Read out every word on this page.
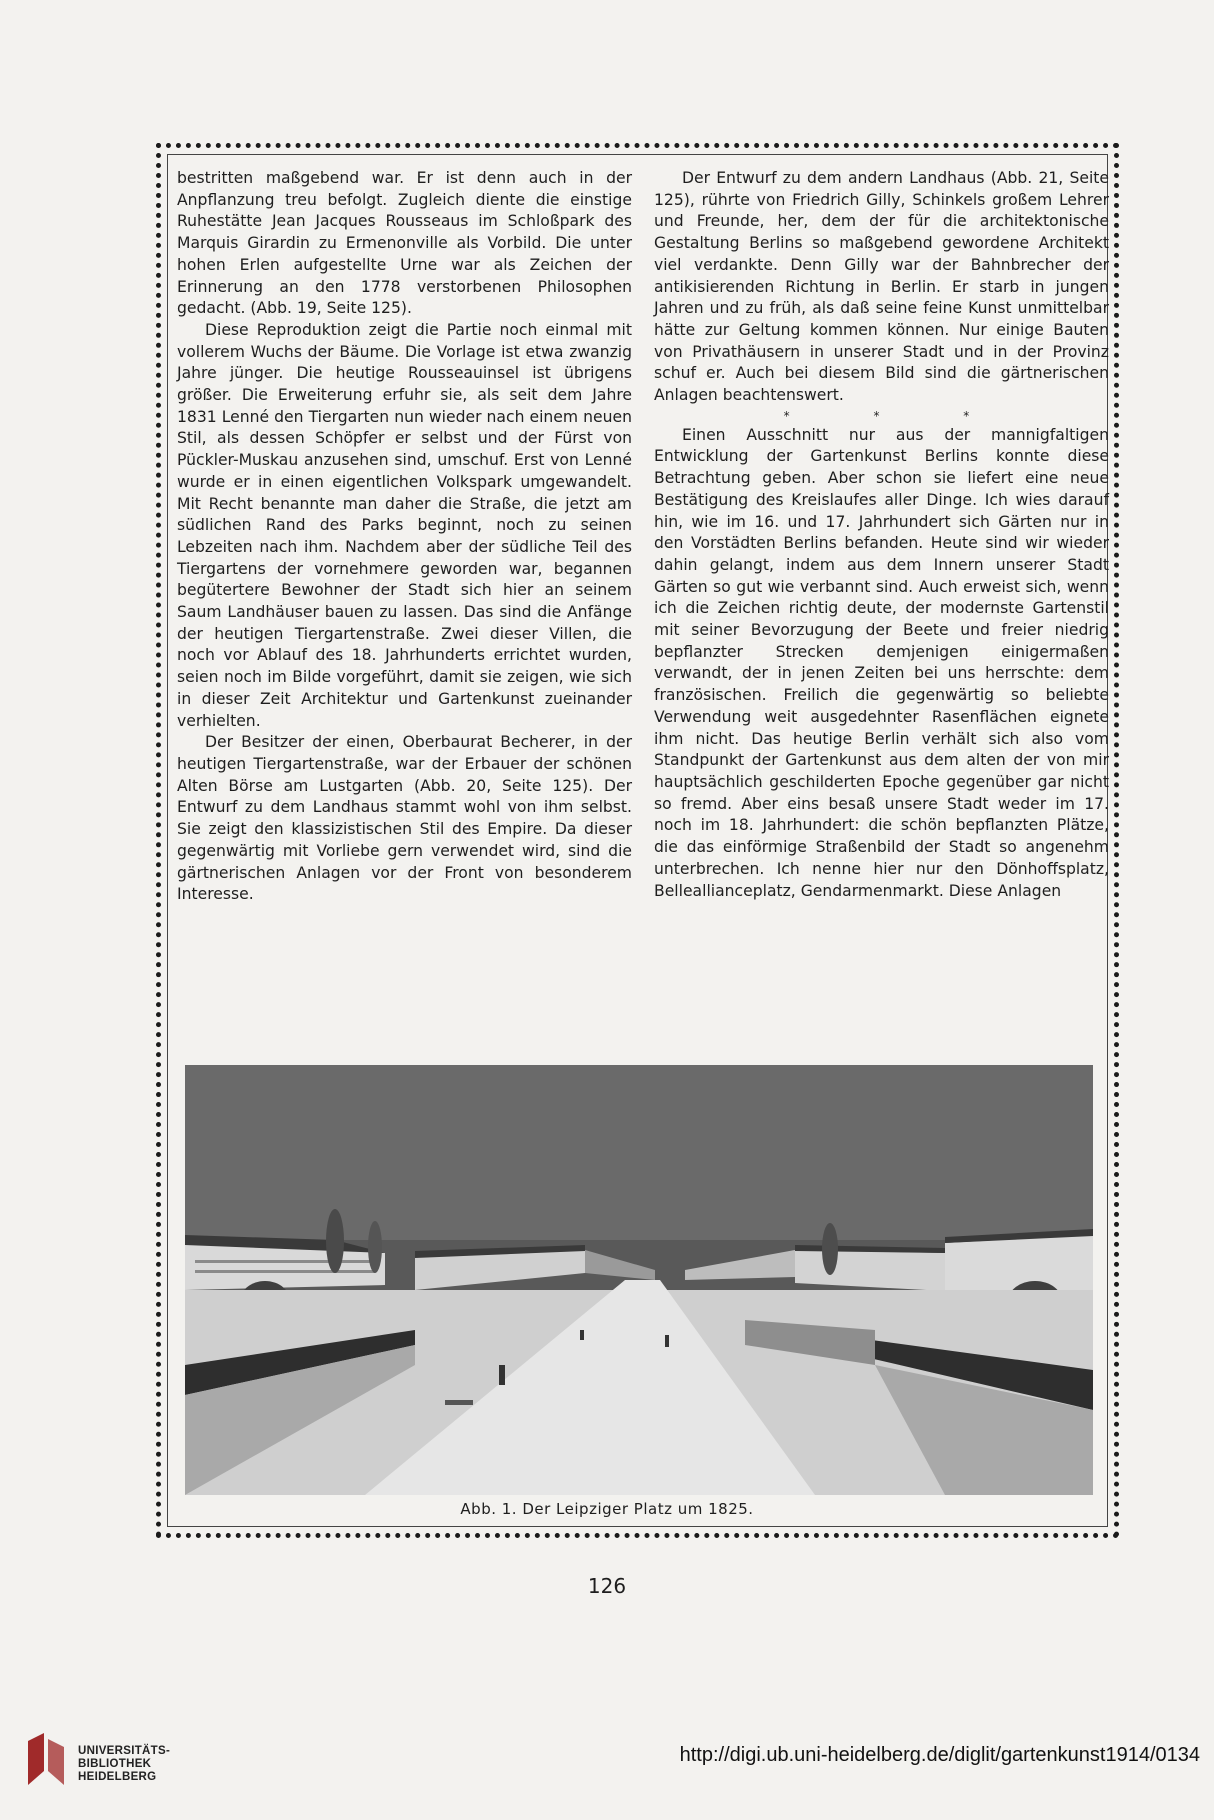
bestritten maßgebend war. Er ist denn auch in der Anpflanzung treu befolgt. Zugleich diente die einstige Ruhestätte Jean Jacques Rousseaus im Schloßpark des Marquis Girardin zu Ermenonville als Vorbild. Die unter hohen Erlen aufgestellte Urne war als Zeichen der Erinnerung an den 1778 verstorbenen Philosophen gedacht. (Abb. 19, Seite 125).

Diese Reproduktion zeigt die Partie noch einmal mit vollerem Wuchs der Bäume. Die Vorlage ist etwa zwanzig Jahre jünger. Die heutige Rousseauinsel ist übrigens größer. Die Erweiterung erfuhr sie, als seit dem Jahre 1831 Lenné den Tiergarten nun wieder nach einem neuen Stil, als dessen Schöpfer er selbst und der Fürst von Pückler-Muskau anzusehen sind, umschuf. Erst von Lenné wurde er in einen eigentlichen Volkspark umgewandelt. Mit Recht benannte man daher die Straße, die jetzt am südlichen Rand des Parks beginnt, noch zu seinen Lebzeiten nach ihm. Nachdem aber der südliche Teil des Tiergartens der vornehmere geworden war, begannen begütertere Bewohner der Stadt sich hier an seinem Saum Landhäuser bauen zu lassen. Das sind die Anfänge der heutigen Tiergartenstraße. Zwei dieser Villen, die noch vor Ablauf des 18. Jahrhunderts errichtet wurden, seien noch im Bilde vorgeführt, damit sie zeigen, wie sich in dieser Zeit Architektur und Gartenkunst zueinander verhielten.

Der Besitzer der einen, Oberbaurat Becherer, in der heutigen Tiergartenstraße, war der Erbauer der schönen Alten Börse am Lustgarten (Abb. 20, Seite 125). Der Entwurf zu dem Landhaus stammt wohl von ihm selbst. Sie zeigt den klassizistischen Stil des Empire. Da dieser gegenwärtig mit Vorliebe gern verwendet wird, sind die gärtnerischen Anlagen vor der Front von besonderem Interesse.

Der Entwurf zu dem andern Landhaus (Abb. 21, Seite 125), rührte von Friedrich Gilly, Schinkels großem Lehrer und Freunde, her, dem der für die architektonische Gestaltung Berlins so maßgebend gewordene Architekt viel verdankte. Denn Gilly war der Bahnbrecher der antikisierenden Richtung in Berlin. Er starb in jungen Jahren und zu früh, als daß seine feine Kunst unmittelbar hätte zur Geltung kommen können. Nur einige Bauten von Privathäusern in unserer Stadt und in der Provinz schuf er. Auch bei diesem Bild sind die gärtnerischen Anlagen beachtenswert.

* * *

Einen Ausschnitt nur aus der mannigfaltigen Entwicklung der Gartenkunst Berlins konnte diese Betrachtung geben. Aber schon sie liefert eine neue Bestätigung des Kreislaufes aller Dinge. Ich wies darauf hin, wie im 16. und 17. Jahrhundert sich Gärten nur in den Vorstädten Berlins befanden. Heute sind wir wieder dahin gelangt, indem aus dem Innern unserer Stadt Gärten so gut wie verbannt sind. Auch erweist sich, wenn ich die Zeichen richtig deute, der modernste Gartenstil mit seiner Bevorzugung der Beete und freier niedrig bepflanzter Strecken demjenigen einigermaßen verwandt, der in jenen Zeiten bei uns herrschte: dem französischen. Freilich die gegenwärtig so beliebte Verwendung weit ausgedehnter Rasenflächen eignete ihm nicht. Das heutige Berlin verhält sich also vom Standpunkt der Gartenkunst aus dem alten der von mir hauptsächlich geschilderten Epoche gegenüber gar nicht so fremd. Aber eins besaß unsere Stadt weder im 17. noch im 18. Jahrhundert: die schön bepflanzten Plätze, die das einförmige Straßenbild der Stadt so angenehm unterbrechen. Ich nenne hier nur den Dönhoffsplatz, Belleallianceplatz, Gendarmenmarkt. Diese Anlagen

Abb. 1. Der Leipziger Platz um 1825.
126
UNIVERSITÄTS-
BIBLIOTHEK
HEIDELBERG
http://digi.ub.uni-heidelberg.de/diglit/gartenkunst1914/0134
